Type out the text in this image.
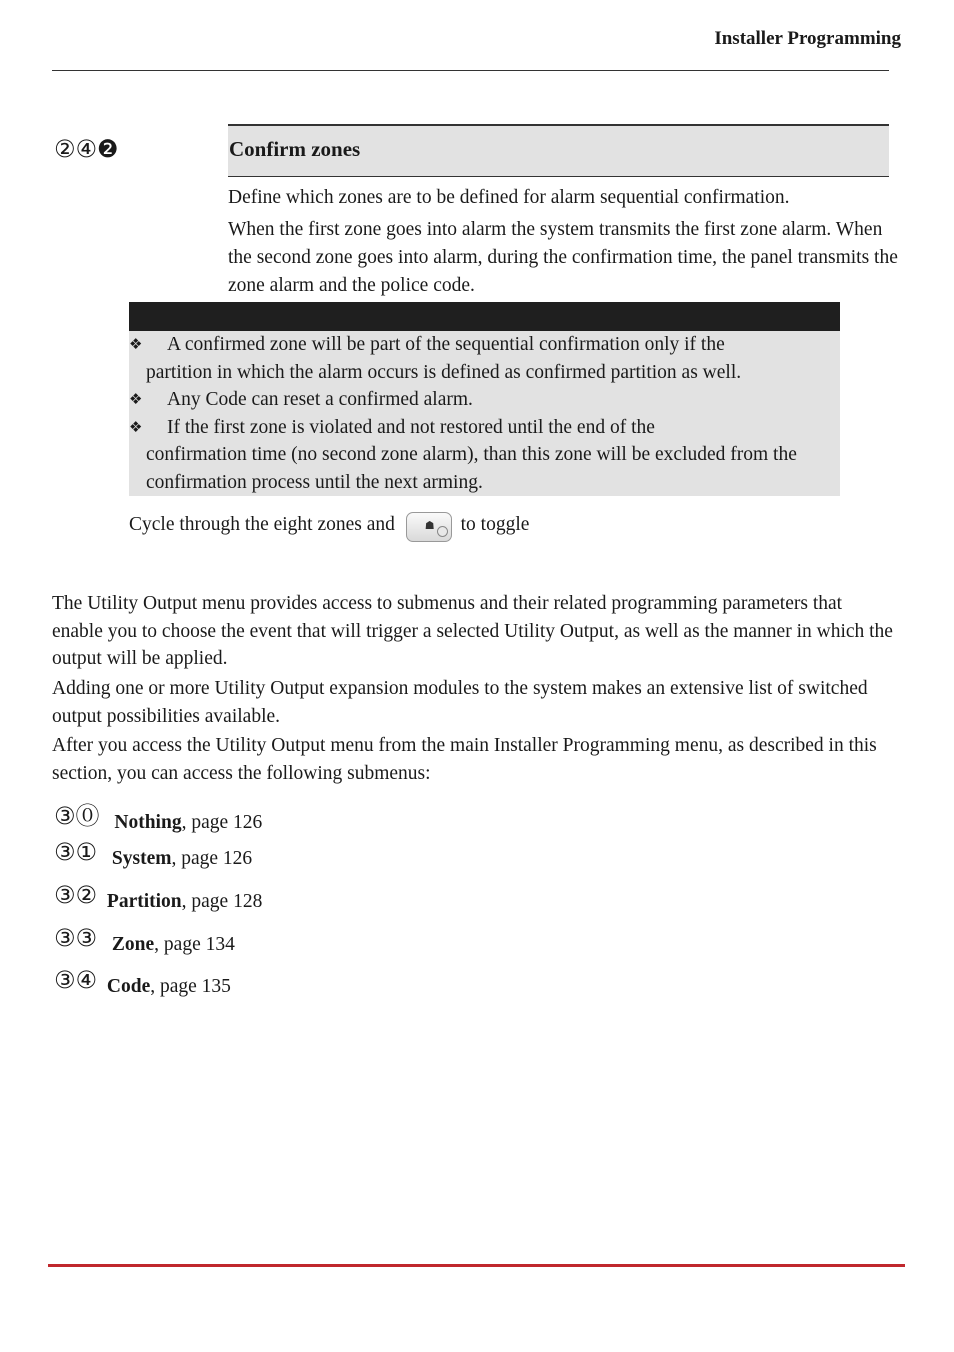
Installer Programming
②④❷	Confirm zones
Define which zones are to be defined for alarm sequential confirmation.
When the first zone goes into alarm the system transmits the first zone alarm. When the second zone goes into alarm, during the confirmation time, the panel transmits the zone alarm and the police code.
❖ A confirmed zone will be part of the sequential confirmation only if the
partition in which the alarm occurs is defined as confirmed partition as well.
❖ Any Code can reset a confirmed alarm.
❖ If the first zone is violated and not restored until the end of the
confirmation time (no second zone alarm), than this zone will be excluded from the confirmation process until the next arming.
Cycle through the eight zones and	☗ to toggle
The Utility Output menu provides access to submenus and their related programming parameters that enable you to choose the event that will trigger a selected Utility Output, as well as the manner in which the output will be applied.
Adding one or more Utility Output expansion modules to the system makes an extensive list of switched output possibilities available.
After you access the Utility Output menu from the main Installer Programming menu, as described in this section, you can access the following submenus:
③⓪ Nothing, page 126
③① System, page 126
③② Partition, page 128
③③ Zone, page 134
③④ Code, page 135
